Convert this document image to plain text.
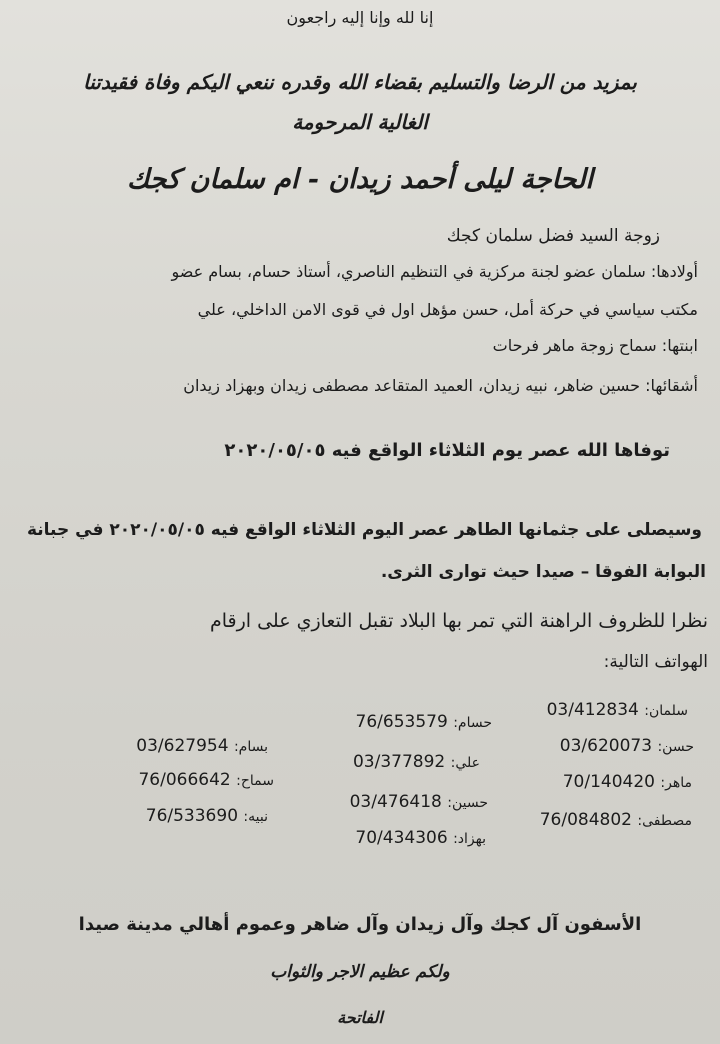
إنا لله وإنا إليه راجعون
بمزيد من الرضا والتسليم بقضاء الله وقدره ننعي اليكم وفاة فقيدتنا
الغالية المرحومة
الحاجة ليلى أحمد زيدان - ام سلمان كجك
زوجة السيد فضل سلمان كجك
أولادها: سلمان عضو لجنة مركزية في التنظيم الناصري، أستاذ حسام، بسام عضو
مكتب سياسي في حركة أمل، حسن مؤهل اول في قوى الامن الداخلي، علي
ابنتها: سماح زوجة ماهر فرحات
أشقائها: حسين ضاهر، نبيه زيدان، العميد المتقاعد مصطفى زيدان وبهزاد زيدان
توفاها الله عصر يوم الثلاثاء الواقع فيه ٢٠٢٠/٠٥/٠٥
وسيصلى على جثمانها الطاهر عصر اليوم الثلاثاء الواقع فيه ٢٠٢٠/٠٥/٠٥ في جبانة
البوابة الفوقا – صيدا حيث توارى الثرى.
نظرا للظروف الراهنة التي تمر بها البلاد تقبل التعازي على ارقام
الهواتف التالية:
سلمان: 03/412834
حسام: 76/653579
حسن: 03/620073
بسام: 03/627954
علي: 03/377892
ماهر: 70/140420
سماح: 76/066642
حسين: 03/476418
مصطفى: 76/084802
نبيه: 76/533690
بهزاد: 70/434306
الأسفون آل كجك وآل زيدان وآل ضاهر وعموم أهالي مدينة صيدا
ولكم عظيم الاجر والثواب
الفاتحة
